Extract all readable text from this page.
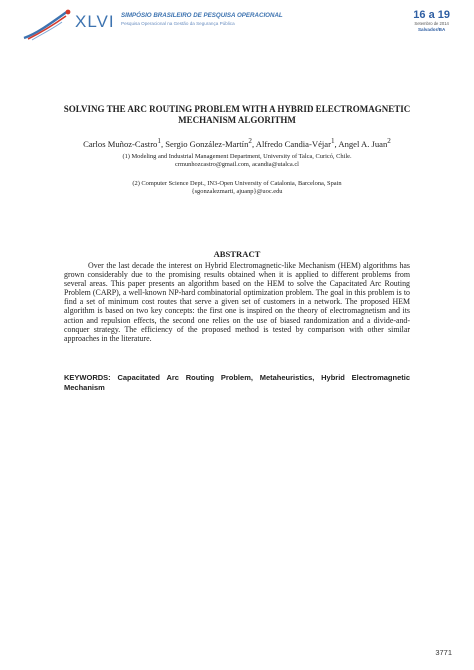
XLVI SIMPÓSIO BRASILEIRO DE PESQUISA OPERACIONAL
Pesquisa Operacional na Gestão da Segurança Pública
16 a 19
Setembro de 2014
Salvador/BA
SOLVING THE ARC ROUTING PROBLEM WITH A HYBRID ELECTROMAGNETIC
MECHANISM ALGORITHM
Carlos Muñoz-Castro$^1$, Sergio González-Martín$^2$, Alfredo Candia-Véjar$^1$, Angel A. Juan$^2$
(1) Modeling and Industrial Management Department, University of Talca, Curicó, Chile.
crmunhozcastro@gmail.com, acandia@utalca.cl
(2) Computer Science Dept., IN3-Open University of Catalonia, Barcelona, Spain
{sgonzalezmarti, ajuanp}@uoc.edu
ABSTRACT

Over the last decade the interest on Hybrid Electromagnetic-like Mechanism (HEM) algorithms has grown considerably due to the promising results obtained when it is applied to different problems from several areas. This paper presents an algorithm based on the HEM to solve the Capacitated Arc Routing Problem (CARP), a well-known NP-hard combinatorial optimization problem. The goal in this problem is to find a set of minimum cost routes that serve a given set of customers in a network. The proposed HEM algorithm is based on two key concepts: the first one is inspired on the theory of electromagnetism and its action and repulsion effects, the second one relies on the use of biased randomization and a divide-and-conquer strategy. The efficiency of the proposed method is tested by comparison with other similar approaches in the literature.

KEYWORDS: Capacitated Arc Routing Problem, Metaheuristics, Hybrid Electromagnetic Mechanism
3771
